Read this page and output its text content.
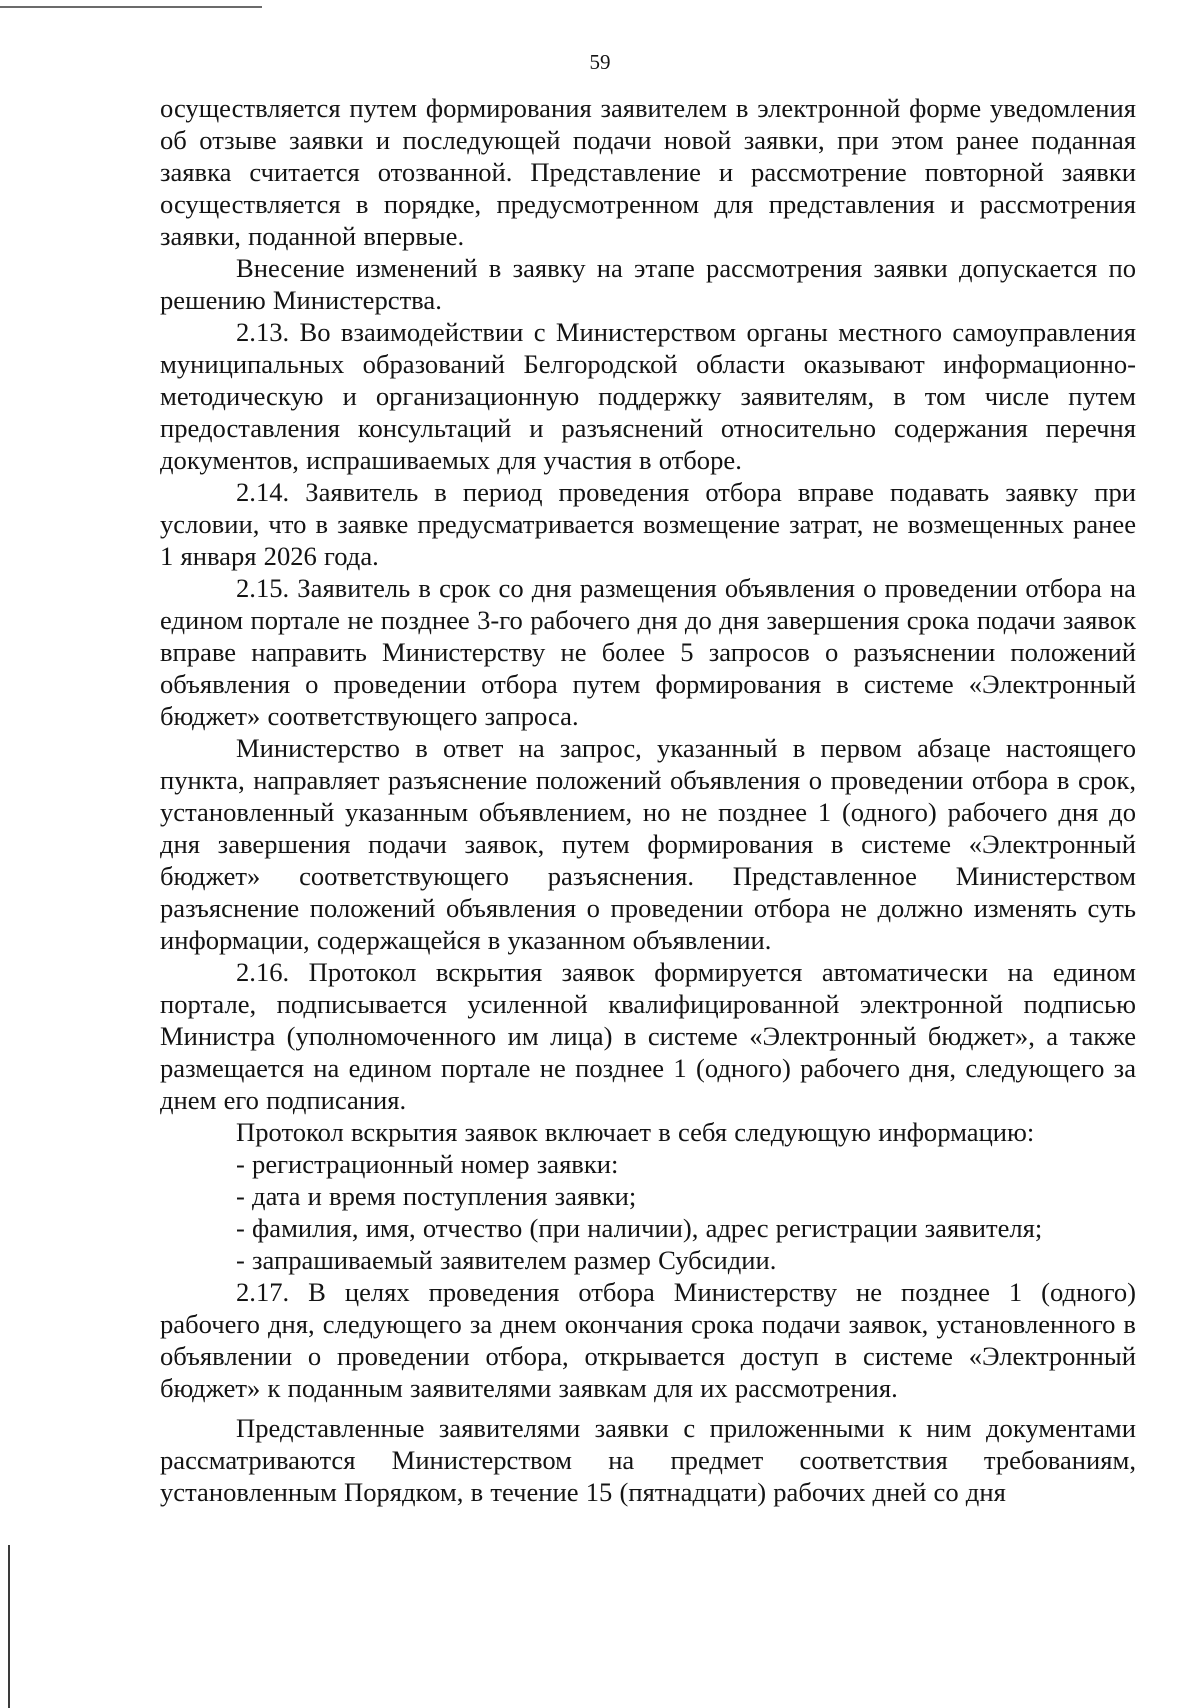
59

осуществляется путем формирования заявителем в электронной форме уведомления об отзыве заявки и последующей подачи новой заявки, при этом ранее поданная заявка считается отозванной. Представление и рассмотрение повторной заявки осуществляется в порядке, предусмотренном для представления и рассмотрения заявки, поданной впервые.

Внесение изменений в заявку на этапе рассмотрения заявки допускается по решению Министерства.

2.13. Во взаимодействии с Министерством органы местного самоуправления муниципальных образований Белгородской области оказывают информационно-методическую и организационную поддержку заявителям, в том числе путем предоставления консультаций и разъяснений относительно содержания перечня документов, испрашиваемых для участия в отборе.

2.14. Заявитель в период проведения отбора вправе подавать заявку при условии, что в заявке предусматривается возмещение затрат, не возмещенных ранее 1 января 2026 года.

2.15. Заявитель в срок со дня размещения объявления о проведении отбора на едином портале не позднее 3-го рабочего дня до дня завершения срока подачи заявок вправе направить Министерству не более 5 запросов о разъяснении положений объявления о проведении отбора путем формирования в системе «Электронный бюджет» соответствующего запроса.

Министерство в ответ на запрос, указанный в первом абзаце настоящего пункта, направляет разъяснение положений объявления о проведении отбора в срок, установленный указанным объявлением, но не позднее 1 (одного) рабочего дня до дня завершения подачи заявок, путем формирования в системе «Электронный бюджет» соответствующего разъяснения. Представленное Министерством разъяснение положений объявления о проведении отбора не должно изменять суть информации, содержащейся в указанном объявлении.

2.16. Протокол вскрытия заявок формируется автоматически на едином портале, подписывается усиленной квалифицированной электронной подписью Министра (уполномоченного им лица) в системе «Электронный бюджет», а также размещается на едином портале не позднее 1 (одного) рабочего дня, следующего за днем его подписания.

Протокол вскрытия заявок включает в себя следующую информацию:

- регистрационный номер заявки:
- дата и время поступления заявки;
- фамилия, имя, отчество (при наличии), адрес регистрации заявителя;
- запрашиваемый заявителем размер Субсидии.

2.17. В целях проведения отбора Министерству не позднее 1 (одного) рабочего дня, следующего за днем окончания срока подачи заявок, установленного в объявлении о проведении отбора, открывается доступ в системе «Электронный бюджет» к поданным заявителями заявкам для их рассмотрения.

Представленные заявителями заявки с приложенными к ним документами рассматриваются Министерством на предмет соответствия требованиям, установленным Порядком, в течение 15 (пятнадцати) рабочих дней со дня
